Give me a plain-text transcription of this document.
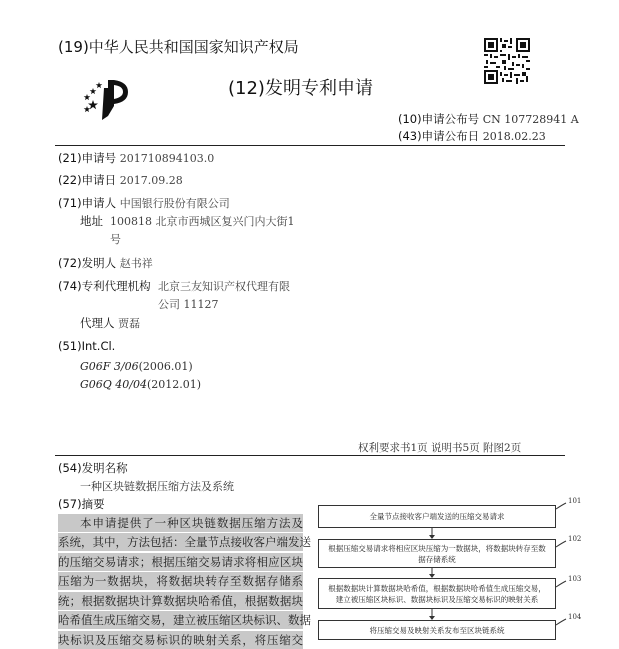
(19)中华人民共和国国家知识产权局
(12)发明专利申请
(10)申请公布号 CN 107728941 A
(43)申请公布日 2018.02.23
(21)申请号 201710894103.0
(22)申请日 2017.09.28
(71)申请人 中国银行股份有限公司
地址 100818 北京市西城区复兴门内大街1
号
(72)发明人 赵书祥
(74)专利代理机构 北京三友知识产权代理有限
公司 11127
代理人 贾磊
(51)Int.Cl.
G06F 3/06(2006.01)
G06Q 40/04(2012.01)
权利要求书1页 说明书5页 附图2页
(54)发明名称
一种区块链数据压缩方法及系统
(57)摘要
本申请提供了一种区块链数据压缩方法及
系统，其中，方法包括：全量节点接收客户端发送
的压缩交易请求；根据压缩交易请求将相应区块
压缩为一数据块，将数据块转存至数据存储系
统；根据数据块计算数据块哈希值，根据数据块
哈希值生成压缩交易，建立被压缩区块标识、数据
块标识及压缩交易标识的映射关系，将压缩交
全量节点接收客户端发送的压缩交易请求
101
根据压缩交易请求将相应区块压缩为一数据块，将数据块转存至数
据存储系统
102
根据数据块计算数据块哈希值，根据数据块哈希值生成压缩交易，
建立被压缩区块标识、数据块标识及压缩交易标识的映射关系
103
将压缩交易及映射关系发布至区块链系统
104
